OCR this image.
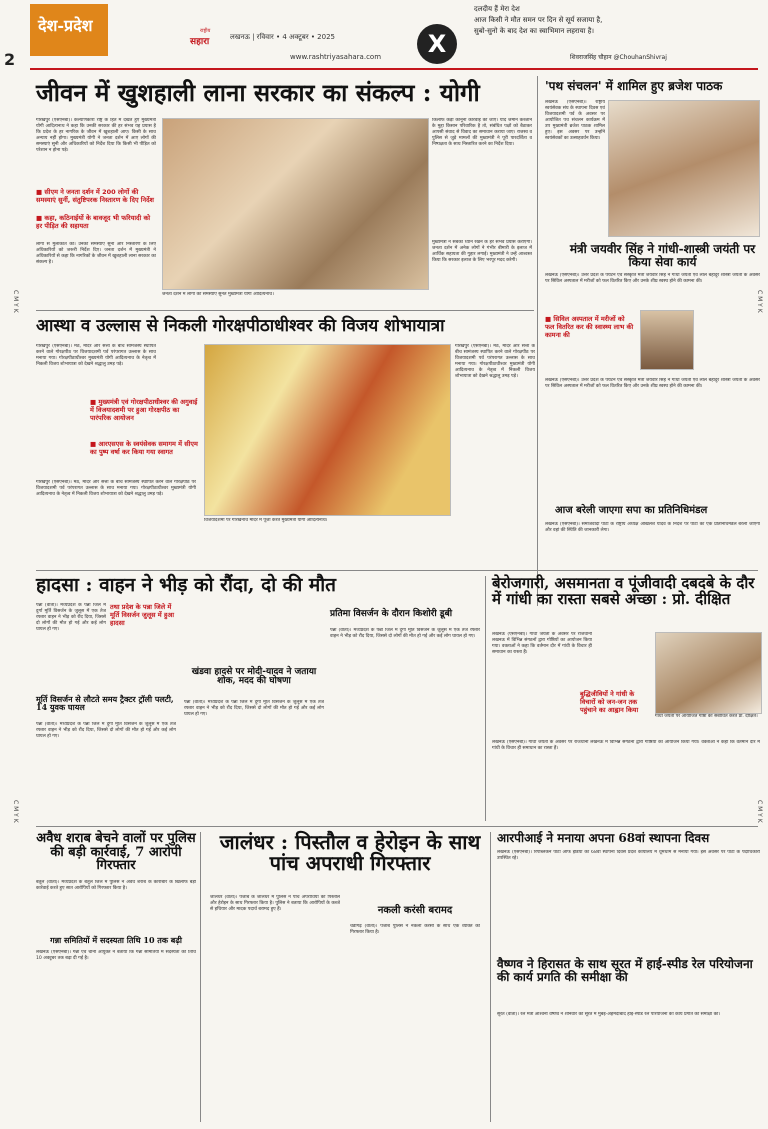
देश-प्रदेश
2
लखनऊ | रविवार • 4 अक्टूबर • 2025
राष्ट्रीय
सहारा
www.rashtriyasahara.com	X
दलदीय हैं मेरा देश
आज किसी ने मौत समन पर दिन से सूर्य सजाया है,
सुबो-सुनो के बाद देश का स्वाभिमान लहराया है।
शिवराजसिंह चौहान @ChouhanShivraj
जीवन में खुशहाली लाना सरकार का संकल्प : योगी
गोरखपुर (एसएनबी)। कल्याणकारी राष्ट्र के हित में देखते हुए मुख्यमंत्री योगी आदित्यनाथ ने कहा कि उनकी सरकार की हर संभव यह प्रयास है कि प्रदेश के हर नागरिक के जीवन में खुशहाली आए। किसी के साथ अन्याय नहीं होगा। मुख्यमंत्री योगी ने जनता दर्शन में आए लोगों की समस्याएं सुनी और अधिकारियों को निर्देश दिया कि किसी भी पीड़ित को परेशान न होना पड़े।
■ सीएम ने जनता दर्शन में 200 लोगों की समस्याएं सुनीं, संतुष्टिपरक निस्तारण के दिए निर्देश
■ कहा, कठिनाईयों के बावजूद भी फरियादी को हर पीड़ित की सहायता
लोगों से मुलाकात की। उनकी समस्याएं सुनी और निस्तारण के लिए अधिकारियों को जरूरी निर्देश दिए। जनता दर्शन में मुख्यमंत्री ने अधिकारियों से कहा कि नागरिकों के जीवन में खुशहाली लाना सरकार का संकल्प है।
जनता दर्शन में लोगों की समस्याएं सुनते मुख्यमंत्री योगी आदित्यनाथ।
किलाफ कड़ी कानूनी कार्रवाई की जाए। यदि जमीन कब्जाने के मुद्दा किसान परिवारिक है तो, संबंधित पक्षों को बैठाकर आपसी संवाद से विवाद का समाधान कराया जाए। राजस्व व पुलिस से जुड़े मामलों की मुख्यमंत्री ने पूरी पारदर्शिता व निष्पक्षता के साथ निस्तारित करने का निर्देश दिया।
मुख्यमंत्री ने सबका ध्यान रखने के हर संभव प्रयास कराएगी। जनता दर्शन में अनेक लोगों ने गंभीर बीमारी के इलाज में आर्थिक सहायता की गुहार लगाई। मुख्यमंत्री ने उन्हें आश्वस्त किया कि सरकार इलाज के लिए भरपूर मदद करेगी।
'पथ संचलन' में शामिल हुए ब्रजेश पाठक
लखनऊ (एसएनबी)। राष्ट्रीय स्वयंसेवक संघ के स्थापना दिवस एवं विजयादशमी पर्व के अवसर पर आयोजित पथ संचलन कार्यक्रम में उप मुख्यमंत्री ब्रजेश पाठक शामिल हुए। इस अवसर पर उन्होंने स्वयंसेवकों का उत्साहवर्धन किया।
मंत्री जयवीर सिंह ने गांधी-शास्त्री जयंती पर किया सेवा कार्य
लखनऊ (एसएनबी)। उत्तर प्रदेश के पर्यटन एवं संस्कृति मंत्री जयवीर सिंह ने गांधी जयंती एवं लाल बहादुर शास्त्री जयंती के अवसर पर सिविल अस्पताल में मरीजों को फल वितरित किए और उनके शीघ्र स्वस्थ होने की कामना की।
■ सिविल अस्पताल में मरीजों को फल वितरित कर की स्वास्थ्य लाभ की कामना की
लखनऊ (एसएनबी)। उत्तर प्रदेश के पर्यटन एवं संस्कृति मंत्री जयवीर सिंह ने गांधी जयंती एवं लाल बहादुर शास्त्री जयंती के अवसर पर सिविल अस्पताल में मरीजों को फल वितरित किए और उनके शीघ्र स्वस्थ होने की कामना की।
आज बरेली जाएगा सपा का प्रतिनिधिमंडल
लखनऊ (एसएनबी)। समाजवादी पार्टी के राष्ट्रीय अध्यक्ष अखिलेश यादव के निर्देश पर पार्टी का एक प्रतिनिधिमंडल बरेली जाएगा और वहां की स्थिति की जानकारी लेगा।
आस्था व उल्लास से निकली गोरक्षपीठाधीश्वर की विजय शोभायात्रा
गोरखपुर (एसएनबी)। मठ, मंदिर और सत्ता के बीच सामंजस्य स्थापित करने वाले गोरक्षपीठ पर विजयादशमी पर्व परंपरागत उल्लास के साथ मनाया गया। गोरक्षपीठाधीश्वर मुख्यमंत्री योगी आदित्यनाथ के नेतृत्व में निकली विजय शोभायात्रा को देखने श्रद्धालु उमड़ पड़े।
■ मुख्यमंत्री एवं गोरक्षपीठाधीश्वर की अगुवाई में विजयादशमी पर हुआ गोरक्षपीठ का पारंपरिक आयोजन
■ आरएसएस के स्वयंसेवक समागम में सीएम का पुष्प वर्षा कर किया गया स्वागत
गोरखपुर (एसएनबी)। मठ, मंदिर और सत्ता के बीच सामंजस्य स्थापित करने वाले गोरक्षपीठ पर विजयादशमी पर्व परंपरागत उल्लास के साथ मनाया गया। गोरक्षपीठाधीश्वर मुख्यमंत्री योगी आदित्यनाथ के नेतृत्व में निकली विजय शोभायात्रा को देखने श्रद्धालु उमड़ पड़े।
विजयादशमी पर गोरखनाथ मंदिर में पूजा करते मुख्यमंत्री योगी आदित्यनाथ।
गोरखपुर (एसएनबी)। मठ, मंदिर और सत्ता के बीच सामंजस्य स्थापित करने वाले गोरक्षपीठ पर विजयादशमी पर्व परंपरागत उल्लास के साथ मनाया गया। गोरक्षपीठाधीश्वर मुख्यमंत्री योगी आदित्यनाथ के नेतृत्व में निकली विजय शोभायात्रा को देखने श्रद्धालु उमड़ पड़े।
हादसा : वाहन ने भीड़ को रौंदा, दो की मौत
पन्ना (वार्ता)। मध्यप्रदेश के पन्ना जिले में दुर्गा मूर्ति विसर्जन के जुलूस में एक तेज रफ्तार वाहन ने भीड़ को रौंद दिया, जिससे दो लोगों की मौत हो गई और कई लोग घायल हो गए।
तथा प्रदेश के पन्ना जिले में मूर्ति विसर्जन जुलूस में हुआ हादसा
मूर्ति विसर्जन से लौटते समय ट्रैक्टर ट्रॉली पलटी, 14 युवक घायल
पन्ना (वार्ता)। मध्यप्रदेश के पन्ना जिले में दुर्गा मूर्ति विसर्जन के जुलूस में एक तेज रफ्तार वाहन ने भीड़ को रौंद दिया, जिससे दो लोगों की मौत हो गई और कई लोग घायल हो गए।
खंडवा हादसे पर मोदी-यादव ने जताया शोक, मदद की घोषणा
पन्ना (वार्ता)। मध्यप्रदेश के पन्ना जिले में दुर्गा मूर्ति विसर्जन के जुलूस में एक तेज रफ्तार वाहन ने भीड़ को रौंद दिया, जिससे दो लोगों की मौत हो गई और कई लोग घायल हो गए।
प्रतिमा विसर्जन के दौरान किशोरी डूबी
पन्ना (वार्ता)। मध्यप्रदेश के पन्ना जिले में दुर्गा मूर्ति विसर्जन के जुलूस में एक तेज रफ्तार वाहन ने भीड़ को रौंद दिया, जिससे दो लोगों की मौत हो गई और कई लोग घायल हो गए।
बेरोजगारी, असमानता व पूंजीवादी दबदबे के दौर में गांधी का रास्ता सबसे अच्छा : प्रो. दीक्षित
लखनऊ (एसएनबी)। गांधी जयंती के अवसर पर राजधानी लखनऊ में विभिन्न संगठनों द्वारा गोष्ठियों का आयोजन किया गया। वक्ताओं ने कहा कि वर्तमान दौर में गांधी के विचार ही समाधान का रास्ता हैं।
बुद्धिजीवियों ने गांधी के विचारों को जन-जन तक पहुंचाने का आह्वान किया
गांधी जयंती पर आयोजित गोष्ठी को संबोधित करते प्रो. दीक्षित।
लखनऊ (एसएनबी)। गांधी जयंती के अवसर पर राजधानी लखनऊ में विभिन्न संगठनों द्वारा गोष्ठियों का आयोजन किया गया। वक्ताओं ने कहा कि वर्तमान दौर में गांधी के विचार ही समाधान का रास्ता हैं।
अवैध शराब बेचने वालों पर पुलिस की बड़ी कार्रवाई, 7 आरोपी गिरफ्तार
बैतूल (वार्ता)। मध्यप्रदेश के बैतूल जिले में पुलिस ने अवैध शराब के कारोबार के खिलाफ बड़ी कार्रवाई करते हुए सात आरोपियों को गिरफ्तार किया है।
गन्ना समितियों में सदस्यता तिथि 10 तक बढ़ी
लखनऊ (एसएनबी)। गन्ना एवं चीनी आयुक्त ने बताया कि गन्ना समितियों में सदस्यता की तिथि 10 अक्टूबर तक बढ़ा दी गई है।
जालंधर : पिस्तौल व हेरोइन के साथ पांच अपराधी गिरफ्तार
जालंधर (वार्ता)। पंजाब के जालंधर में पुलिस ने पांच अपराधियों को पिस्तौल और हेरोइन के साथ गिरफ्तार किया है। पुलिस ने बताया कि आरोपियों के कब्जे से हथियार और मादक पदार्थ बरामद हुए हैं।	नकली करंसी बरामद
चंडीगढ़ (वार्ता)। पंजाब पुलिस ने नकली करेंसी के साथ एक व्यक्ति को गिरफ्तार किया है।
आरपीआई ने मनाया अपना 68वां स्थापना दिवस
लखनऊ (एसएनबी)। रिपब्लिकन पार्टी ऑफ इंडिया का 68वां स्थापना दिवस प्रदेश कार्यालय में धूमधाम से मनाया गया। इस अवसर पर पार्टी के पदाधिकारी उपस्थित रहे।
वैष्णव ने हिरासत के साथ सूरत में हाई-स्पीड रेल परियोजना की कार्य प्रगति की समीक्षा की
सूरत (वार्ता)। रेल मंत्री अश्विनी वैष्णव ने शनिवार को सूरत में मुंबई-अहमदाबाद हाई-स्पीड रेल परियोजना की कार्य प्रगति की समीक्षा की।
C M Y K
C M Y K
C M Y K
C M Y K
